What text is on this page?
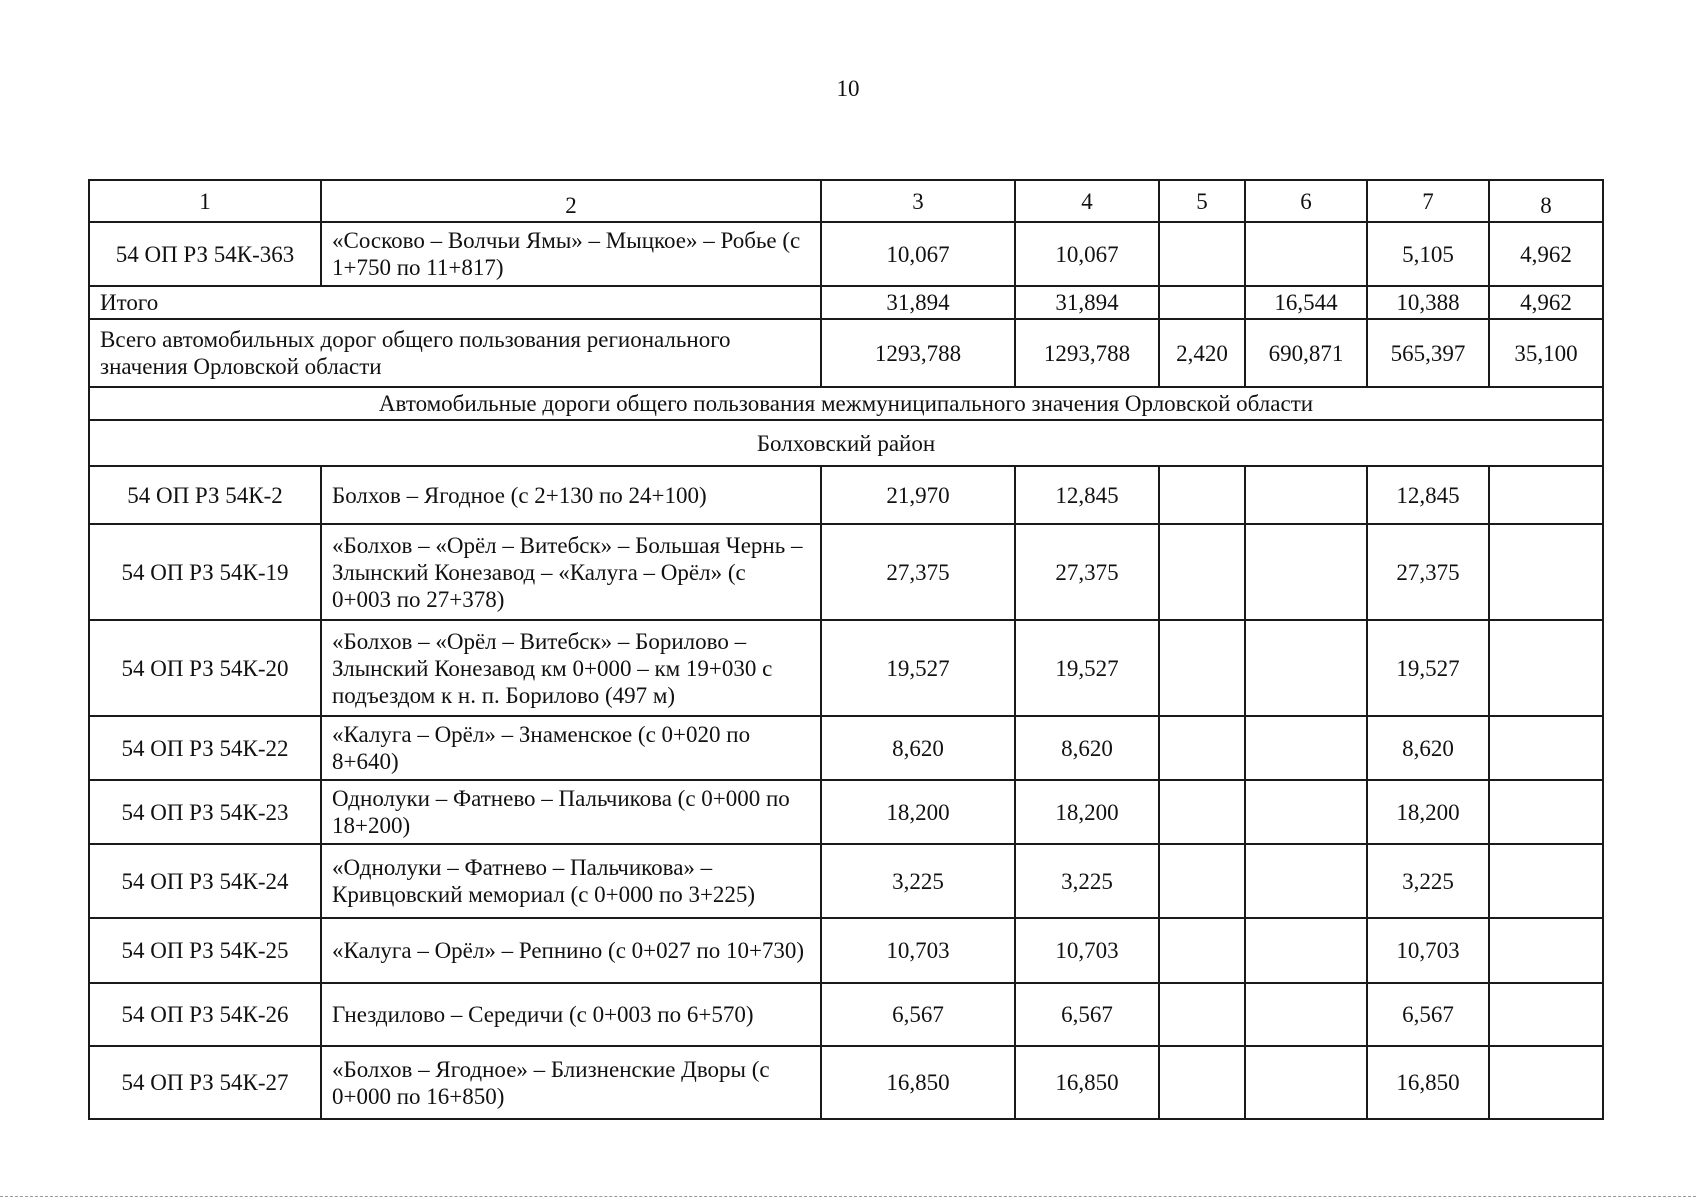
10
1	2	3	4	5	6	7	8
54 ОП РЗ 54К-363	«Сосково – Волчьи Ямы» – Мыцкое» – Робье (с 1+750 по 11+817)	10,067	10,067			5,105	4,962
Итого		31,894	31,894		16,544	10,388	4,962
Всего автомобильных дорог общего пользования регионального значения Орловской области		1293,788	1293,788	2,420	690,871	565,397	35,100
Автомобильные дороги общего пользования межмуниципального значения Орловской области							
Болховский район							
54 ОП РЗ 54К-2	Болхов – Ягодное (с 2+130 по 24+100)	21,970	12,845			12,845	
54 ОП РЗ 54К-19	«Болхов – «Орёл – Витебск» – Большая Чернь – Злынский Конезавод – «Калуга – Орёл» (с 0+003 по 27+378)	27,375	27,375			27,375	
54 ОП РЗ 54К-20	«Болхов – «Орёл – Витебск» – Борилово – Злынский Конезавод км 0+000 – км 19+030 с подъездом к н. п. Борилово (497 м)	19,527	19,527			19,527	
54 ОП РЗ 54К-22	«Калуга – Орёл» – Знаменское (с 0+020 по 8+640)	8,620	8,620			8,620	
54 ОП РЗ 54К-23	Однолуки – Фатнево – Пальчикова (с 0+000 по 18+200)	18,200	18,200			18,200	
54 ОП РЗ 54К-24	«Однолуки – Фатнево – Пальчикова» – Кривцовский мемориал (с 0+000 по 3+225)	3,225	3,225			3,225	
54 ОП РЗ 54К-25	«Калуга – Орёл» – Репнино (с 0+027 по 10+730)	10,703	10,703			10,703	
54 ОП РЗ 54К-26	Гнездилово – Середичи (с 0+003 по 6+570)	6,567	6,567			6,567	
54 ОП РЗ 54К-27	«Болхов – Ягодное» – Близненские Дворы (с 0+000 по 16+850)	16,850	16,850			16,850	
